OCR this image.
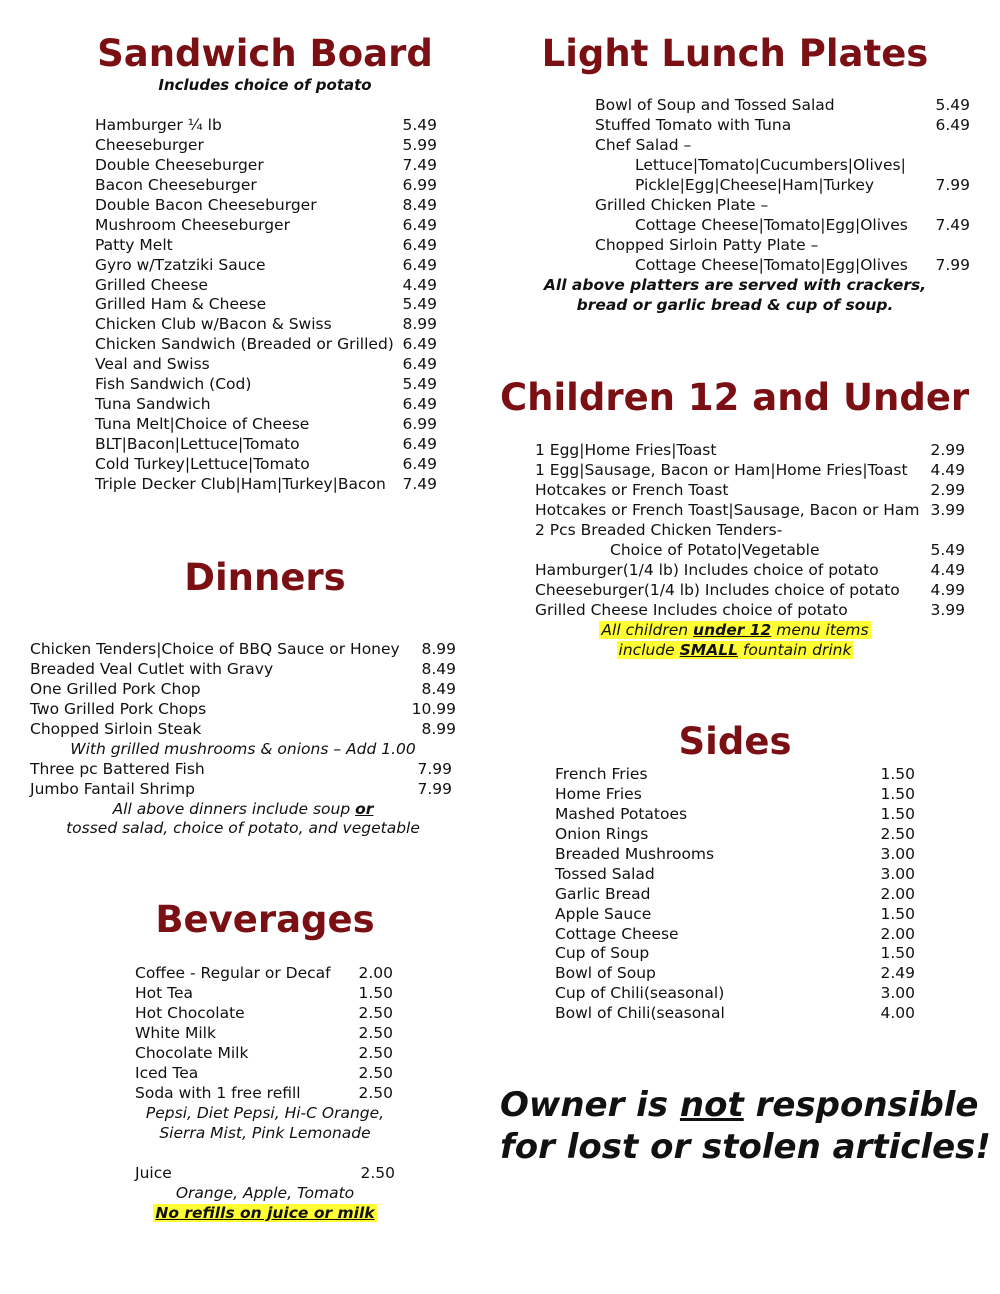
Sandwich Board

Includes choice of potato

Hamburger ¼ lb	5.49
Cheeseburger	5.99
Double Cheeseburger	7.49
Bacon Cheeseburger	6.99
Double Bacon Cheeseburger	8.49
Mushroom Cheeseburger	6.49
Patty Melt	6.49
Gyro w/Tzatziki Sauce	6.49
Grilled Cheese	4.49
Grilled Ham & Cheese	5.49
Chicken Club w/Bacon & Swiss	8.99
Chicken Sandwich (Breaded or Grilled) 6.49
Veal and Swiss	6.49
Fish Sandwich (Cod)	5.49
Tuna Sandwich	6.49
Tuna Melt|Choice of Cheese	6.99
BLT|Bacon|Lettuce|Tomato	6.49
Cold Turkey|Lettuce|Tomato	6.49
Triple Decker Club|Ham|Turkey|Bacon 7.49
Light Lunch Plates
Bowl of Soup and Tossed Salad	5.49
Stuffed Tomato with Tuna	6.49
Chef Salad –
Lettuce|Tomato|Cucumbers|Olives|
Pickle|Egg|Cheese|Ham|Turkey	7.99
Grilled Chicken Plate –
Cottage Cheese|Tomato|Egg|Olives 7.49
Chopped Sirloin Patty Plate –
Cottage Cheese|Tomato|Egg|Olives 7.99
All above platters are served with crackers,
bread or garlic bread & cup of soup.
Children 12 and Under
1 Egg|Home Fries|Toast	2.99
1 Egg|Sausage, Bacon or Ham|Home Fries|Toast 4.49
Hotcakes or French Toast	2.99
Hotcakes or French Toast|Sausage, Bacon or Ham 3.99
2 Pcs Breaded Chicken Tenders-
Choice of Potato|Vegetable	5.49
Hamburger(1/4 lb) Includes choice of potato	4.49
Cheeseburger(1/4 lb) Includes choice of potato 4.99
Grilled Cheese Includes choice of potato	3.99
All children under 12 menu items
include SMALL fountain drink
Dinners
Chicken Tenders|Choice of BBQ Sauce or Honey 8.99
Breaded Veal Cutlet with Gravy	8.49
One Grilled Pork Chop	8.49
Two Grilled Pork Chops	10.99
Chopped Sirloin Steak	8.99
With grilled mushrooms & onions – Add 1.00
Three pc Battered Fish	7.99
Jumbo Fantail Shrimp	7.99
All above dinners include soup or
tossed salad, choice of potato, and vegetable
Sides
French Fries	1.50
Home Fries	1.50
Mashed Potatoes	1.50
Onion Rings	2.50
Breaded Mushrooms	3.00
Tossed Salad	3.00
Garlic Bread	2.00
Apple Sauce	1.50
Cottage Cheese	2.00
Cup of Soup	1.50
Bowl of Soup	2.49
Cup of Chili(seasonal)	3.00
Bowl of Chili(seasonal	4.00
Beverages
Coffee - Regular or Decaf 2.00
Hot Tea	1.50
Hot Chocolate	2.50
White Milk	2.50
Chocolate Milk	2.50
Iced Tea	2.50
Soda with 1 free refill	2.50
Pepsi, Diet Pepsi, Hi-C Orange,
Sierra Mist, Pink Lemonade
Juice	2.50
Orange, Apple, Tomato
No refills on juice or milk
Owner is not responsible
for lost or stolen articles!
